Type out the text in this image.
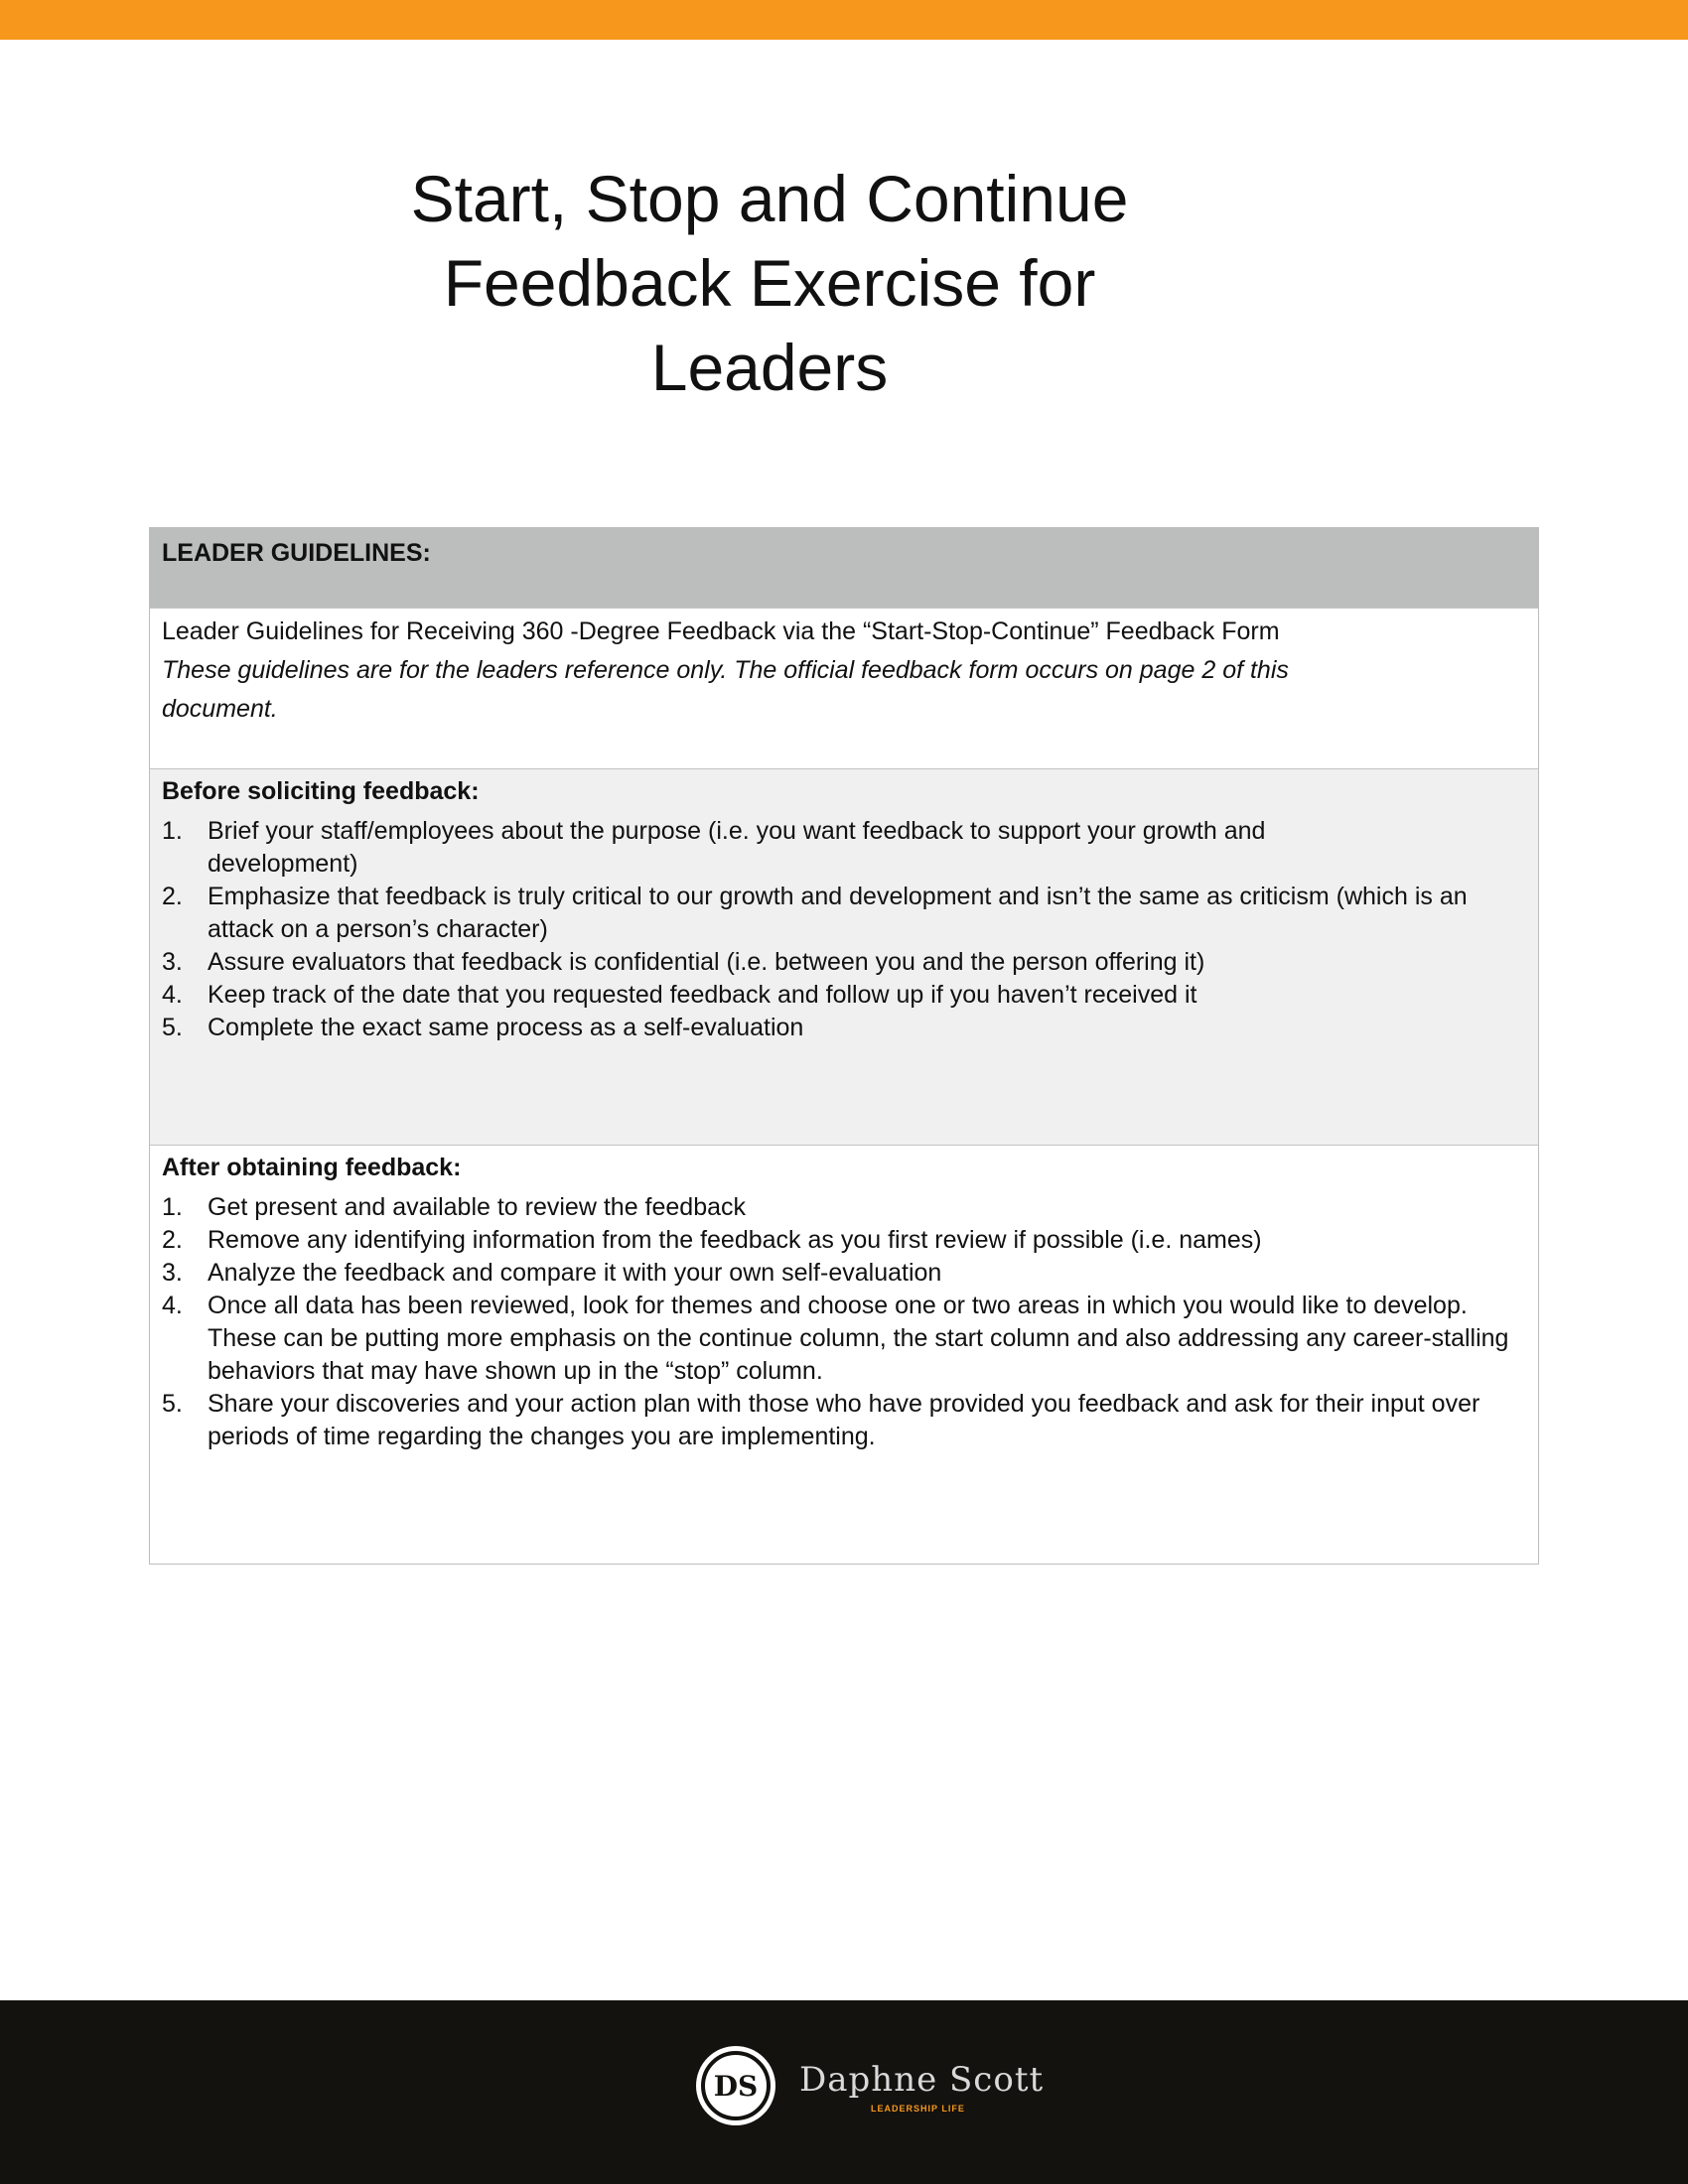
Start, Stop and Continue
Feedback Exercise for
Leaders
LEADER GUIDELINES:
Leader Guidelines for Receiving 360 -Degree Feedback via the “Start-Stop-Continue” Feedback Form
These guidelines are for the leaders reference only. The official feedback form occurs on page 2 of this document.
Before soliciting feedback:
1. Brief your staff/employees about the purpose (i.e. you want feedback to support your growth and development)
2. Emphasize that feedback is truly critical to our growth and development and isn’t the same as criticism (which is an attack on a person’s character)
3. Assure evaluators that feedback is confidential (i.e. between you and the person offering it)
4. Keep track of the date that you requested feedback and follow up if you haven’t received it
5. Complete the exact same process as a self-evaluation
After obtaining feedback:
1. Get present and available to review the feedback
2. Remove any identifying information from the feedback as you first review if possible (i.e. names)
3. Analyze the feedback and compare it with your own self-evaluation
4. Once all data has been reviewed, look for themes and choose one or two areas in which you would like to develop. These can be putting more emphasis on the continue column, the start column and also addressing any career-stalling behaviors that may have shown up in the “stop” column.
5. Share your discoveries and your action plan with those who have provided you feedback and ask for their input over periods of time regarding the changes you are implementing.
DS Daphne Scott
LEADERSHIP LIFE
